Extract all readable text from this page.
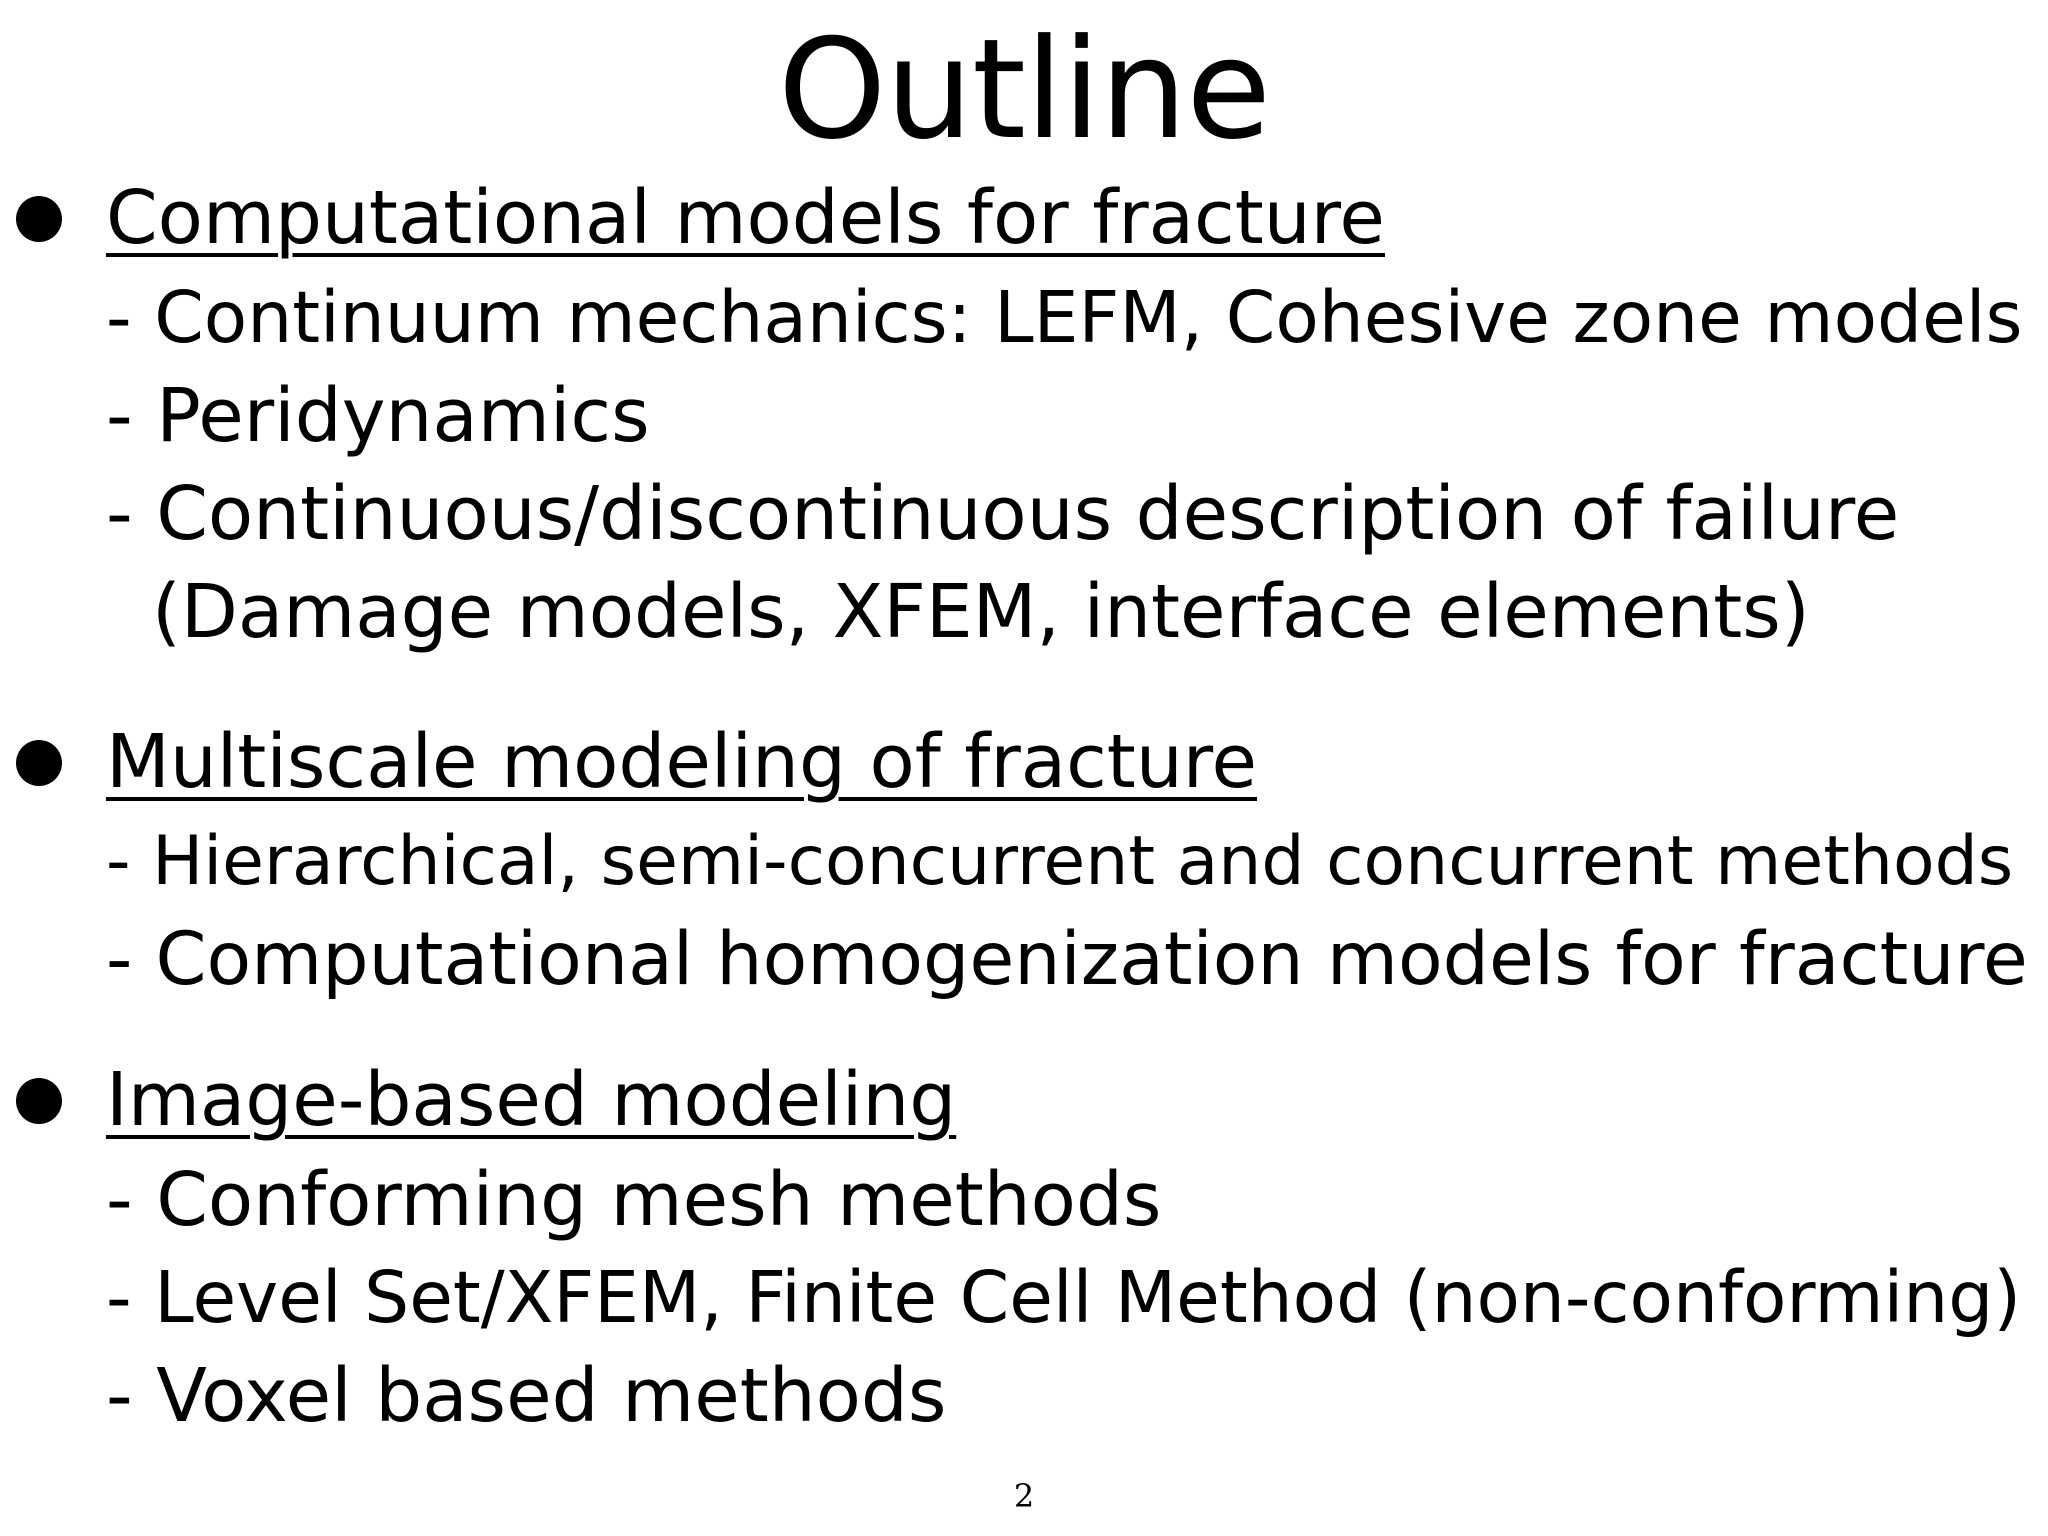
Outline
Computational models for fracture
- Continuum mechanics: LEFM, Cohesive zone models
- Peridynamics
- Continuous/discontinuous description of failure
(Damage models, XFEM, interface elements)
Multiscale modeling of fracture
- Hierarchical, semi-concurrent and concurrent methods
- Computational homogenization models for fracture
Image-based modeling
- Conforming mesh methods
- Level Set/XFEM, Finite Cell Method (non-conforming)
- Voxel based methods
2
